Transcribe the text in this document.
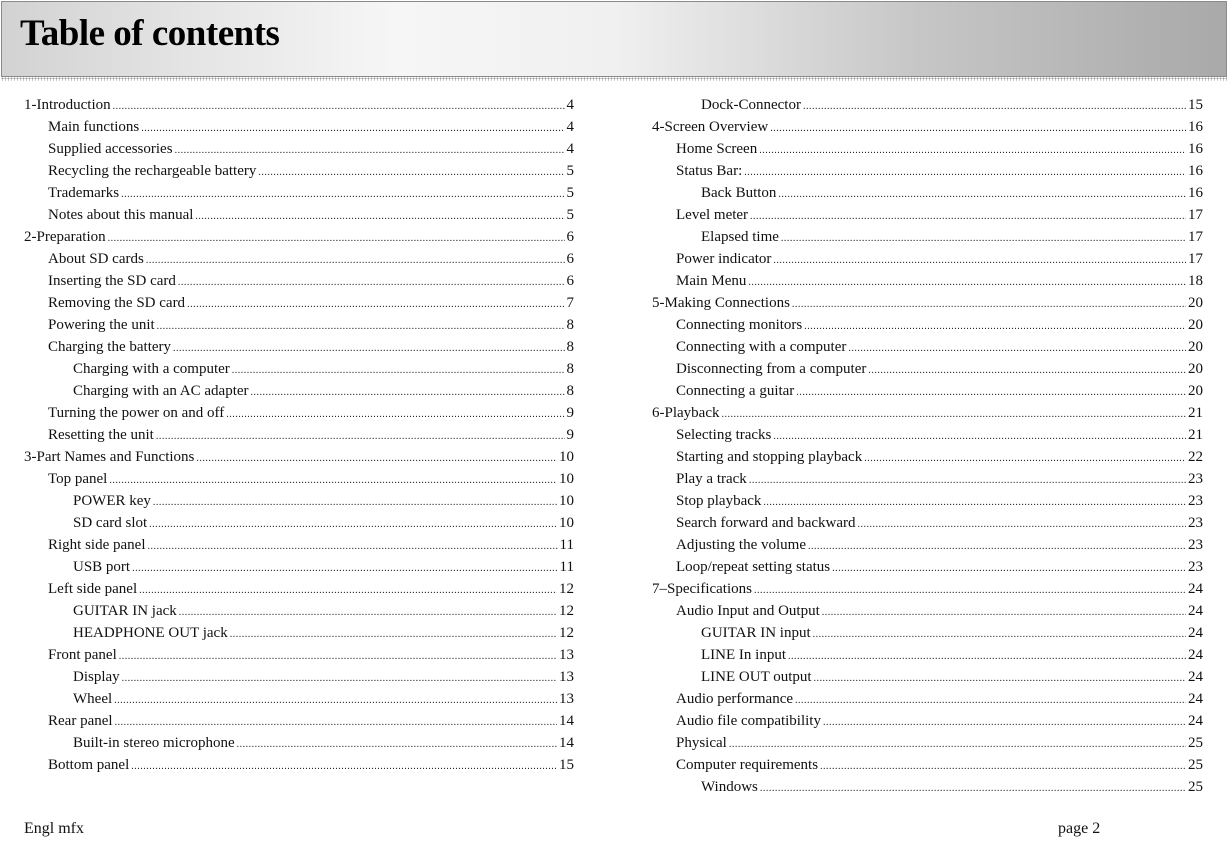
Table of contents
1-Introduction .....	4
Main functions .....	4
Supplied accessories .....	4
Recycling the rechargeable battery .....	5
Trademarks .....	5
Notes about this manual .....	5
2-Preparation .....	6
About SD cards .....	6
Inserting the SD card .....	6
Removing the SD card .....	7
Powering the unit .....	8
Charging the battery .....	8
Charging with a computer .....	8
Charging with an AC adapter .....	8
Turning the power on and off .....	9
Resetting the unit .....	9
3-Part Names and Functions .....	10
Top panel .....	10
POWER key .....	10
SD card slot .....	10
Right side panel .....	11
USB port .....	11
Left side panel .....	12
GUITAR IN jack .....	12
HEADPHONE OUT jack .....	12
Front panel .....	13
Display .....	13
Wheel .....	13
Rear panel .....	14
Built-in stereo microphone .....	14
Bottom panel .....	15
Dock-Connector .....	15
4-Screen Overview .....	16
Home Screen .....	16
Status Bar: .....	16
Back Button .....	16
Level meter .....	17
Elapsed time .....	17
Power indicator .....	17
Main Menu .....	18
5-Making Connections .....	20
Connecting monitors .....	20
Connecting with a computer .....	20
Disconnecting from a computer .....	20
Connecting a guitar .....	20
6-Playback .....	21
Selecting tracks .....	21
Starting and stopping playback .....	22
Play a track .....	23
Stop playback .....	23
Search forward and backward .....	23
Adjusting the volume .....	23
Loop/repeat setting status .....	23
7–Specifications .....	24
Audio Input and Output .....	24
GUITAR IN input .....	24
LINE In input .....	24
LINE OUT output .....	24
Audio performance .....	24
Audio file compatibility .....	24
Physical .....	25
Computer requirements .....	25
Windows .....	25
Engl mfx	page 2
